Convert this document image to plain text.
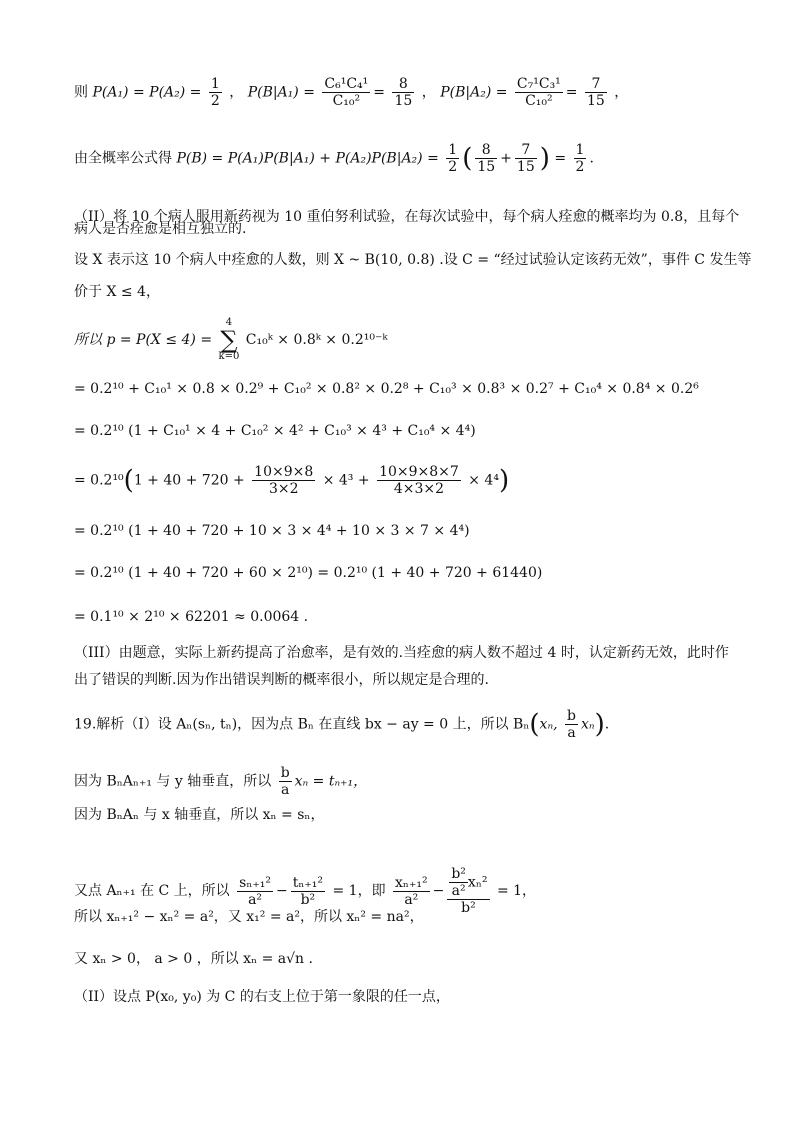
则 $P(A_1) = P(A_2) = \frac{1}{2}$ ， $P(B|A_1) = \frac{\text{C₆¹C₄¹}}{\text{C₁₀²}} = \frac{8}{15}$ ， $P(B|A_2) = \frac{\text{C₇¹C₃¹}}{\text{C₁₀²}} = \frac{7}{15}$ ，
由全概率公式得 $P(B) = P(A_1)P(B|A_1) + P(A_2)P(B|A_2) = \frac{1}{2}$ ( $\frac{8}{15} + \frac{7}{15}$ ) = $\frac{1}{2}$ .
（II）将 10 个病人服用新药视为 10 重伯努利试验，在每次试验中，每个病人痊愈的概率均为 0.8，且每个
病人是否痊愈是相互独立的.
设 X 表示这 10 个病人中痊愈的人数，则 X ~ B(10, 0.8) .设 C = “经过试验认定该药无效”，事件 C 发生等
价于 X ≤ 4，
所以 p = P(X ≤ 4) =
4
∑
k=0
C₁₀ᵏ × 0.8ᵏ × 0.2¹⁰⁻ᵏ
= 0.2¹⁰ + C₁₀¹ × 0.8 × 0.2⁹ + C₁₀² × 0.8² × 0.2⁸ + C₁₀³ × 0.8³ × 0.2⁷ + C₁₀⁴ × 0.8⁴ × 0.2⁶
= 0.2¹⁰ (1 + C₁₀¹ × 4 + C₁₀² × 4² + C₁₀³ × 4³ + C₁₀⁴ × 4⁴)
= $0.2^{10}(1 + 40 + 720 + \frac{10\times 9\times 8}{3\times 2} \times 4^3 + \frac{10\times 9\times 8\times 7}{4\times 3\times 2} \times 4^4)$
= 0.2¹⁰ (1 + 40 + 720 + 10 × 3 × 4⁴ + 10 × 3 × 7 × 4⁴)
= 0.2¹⁰ (1 + 40 + 720 + 60 × 2¹⁰) = 0.2¹⁰ (1 + 40 + 720 + 61440)
= 0.1¹⁰ × 2¹⁰ × 62201 ≈ 0.0064 .
（III）由题意，实际上新药提高了治愈率，是有效的.当痊愈的病人数不超过 4 时，认定新药无效，此时作
出了错误的判断.因为作出错误判断的概率很小，所以规定是合理的.
19.解析（I）设 Aₙ(sₙ, tₙ)，因为点 Bₙ 在直线 bx − ay = 0 上，所以 Bₙ(xₙ, $\frac{b}{a} x_n$).
因为 BₙAₙ₊₁ 与 y 轴垂直，所以 $\frac{b}{a}$ xₙ = tₙ₊₁，
因为 BₙAₙ 与 x 轴垂直，所以 xₙ = sₙ，
又点 Aₙ₊₁ 在 C 上，所以 $\frac{\text{sₙ₊₁²}}{\text{a²}} - \frac{\text{tₙ₊₁²}}{\text{b²}} = 1$，即 $\frac{\text{xₙ₊₁²}}{\text{a²}} - \frac{\frac{\text{b²}}{\text{a²}} x_n^2}{\text{b²}} = 1$，
所以 xₙ₊₁² − xₙ² = a²，又 x₁² = a²，所以 xₙ² = na²，
又 xₙ > 0， a > 0 ，所以 xₙ = a√n .
（II）设点 P(x₀, y₀) 为 C 的右支上位于第一象限的任一点，
